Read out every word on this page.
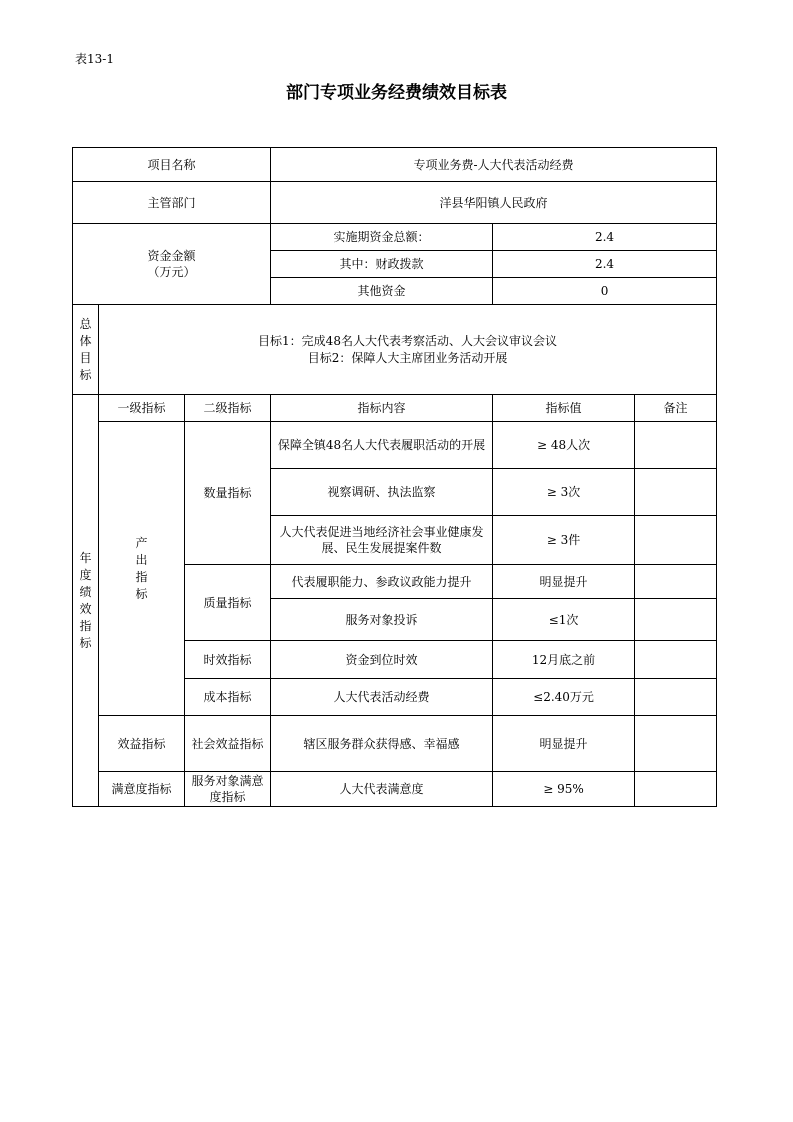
表13-1
部门专项业务经费绩效目标表
项目名称			专项业务费-人大代表活动经费		
主管部门			洋县华阳镇人民政府		

资金金额
（万元）			实施期资金总额：	2.4	
			其中：财政拨款	2.4	
			其他资金	0	
总体目标	目标1：完成48名人大代表考察活动、人大会议审议会议
目标2：保障人大主席团业务活动开展				

年度绩效指标	一级指标	二级指标	指标内容	指标值	备注
	产出指标	数量指标	保障全镇48名人大代表履职活动的开展	≥ 48人次	
			视察调研、执法监察	≥ 3次	
			人大代表促进当地经济社会事业健康发展、民生发展提案件数	≥ 3件	
		质量指标	代表履职能力、参政议政能力提升	明显提升	
			服务对象投诉	≤1次	
		时效指标	资金到位时效	12月底之前	
		成本指标	人大代表活动经费	≤2.40万元	
	效益指标	社会效益指标	辖区服务群众获得感、幸福感	明显提升	
	满意度指标	服务对象满意度指标	人大代表满意度	≥ 95%	
